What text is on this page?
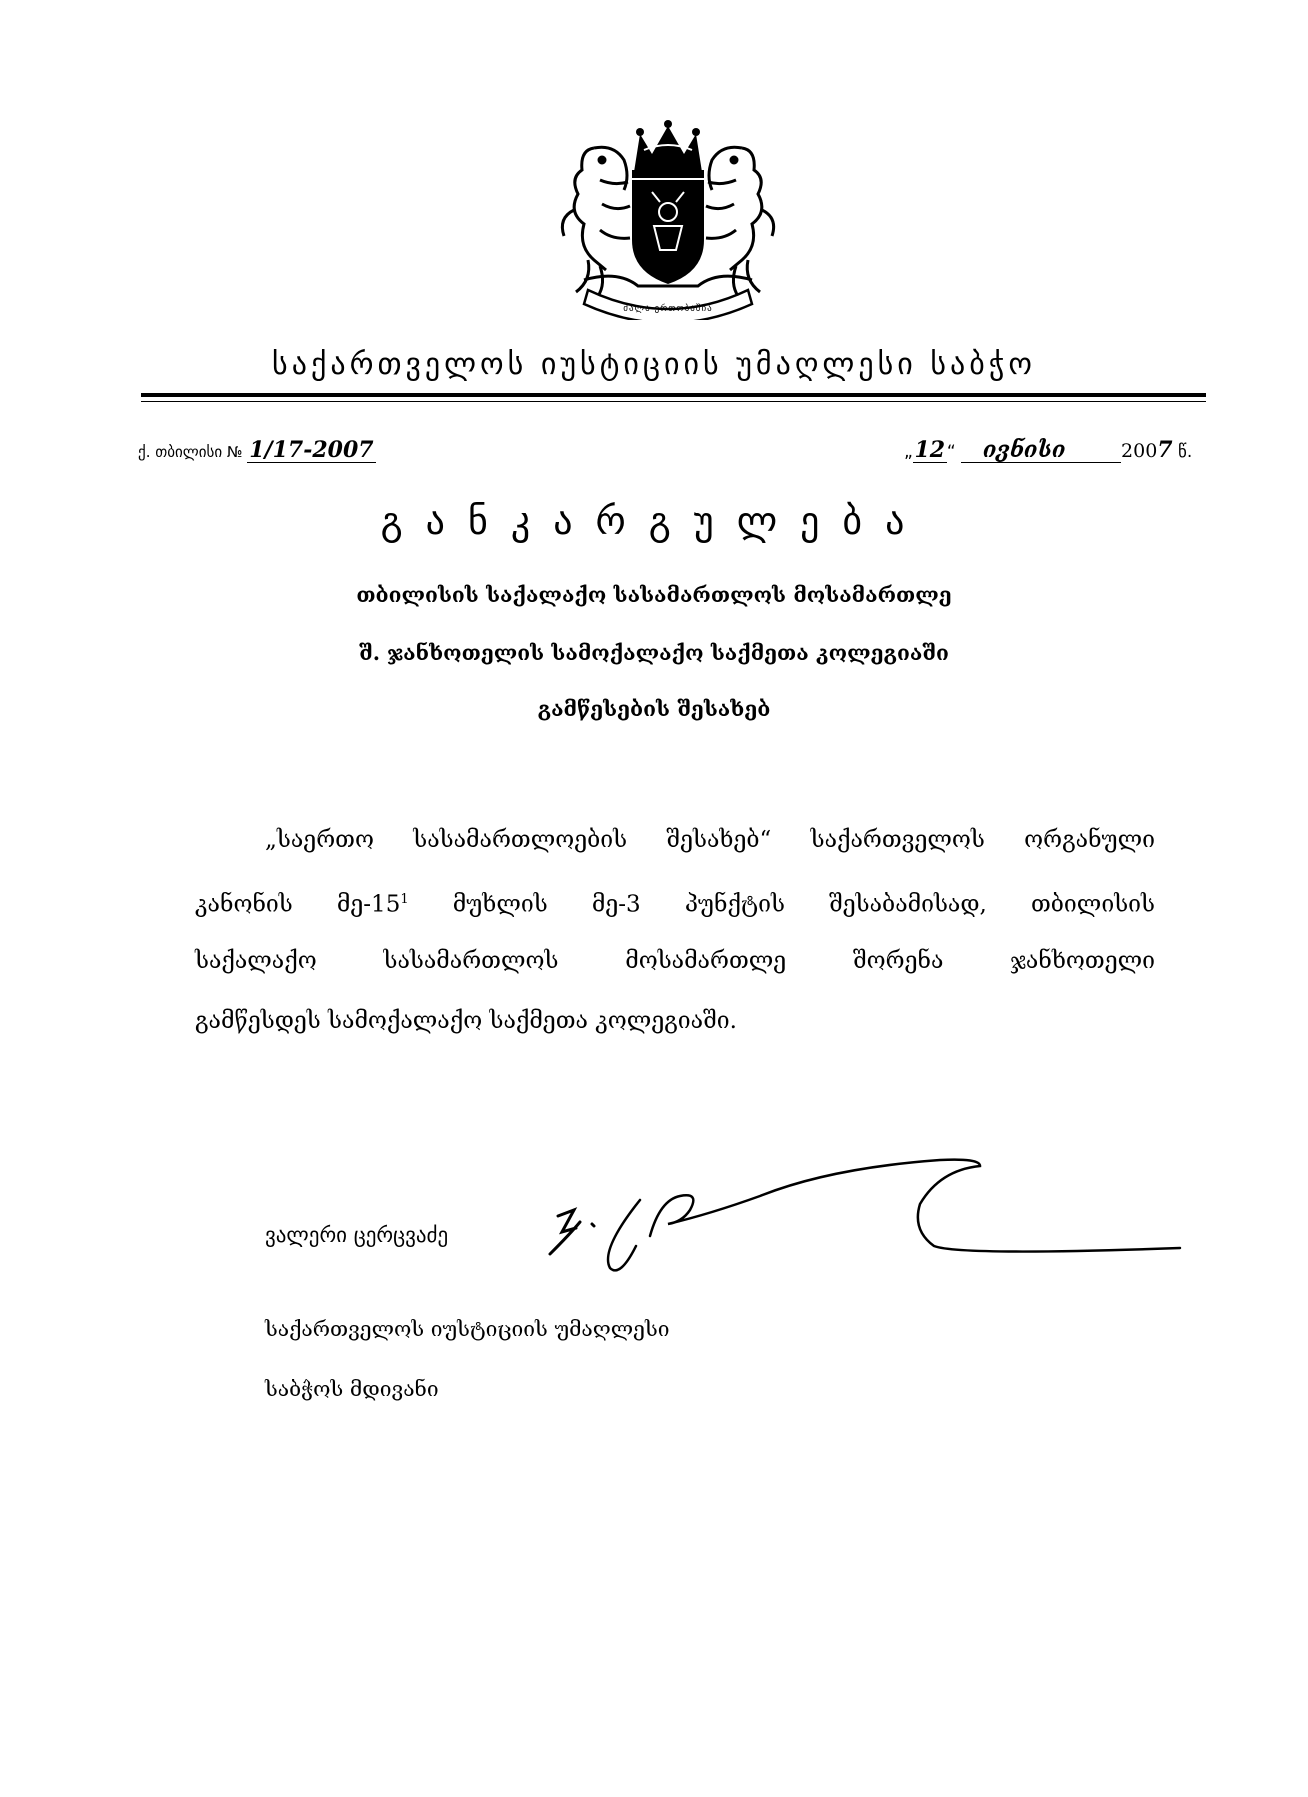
ძალა ერთობაშია
საქართველოს იუსტიციის უმაღლესი საბჭო
ქ. თბილისი № 1/17-2007	„12“ ივნისი	2007 წ.
განკარგულება
თბილისის საქალაქო სასამართლოს მოსამართლე
შ. ჯანხოთელის სამოქალაქო საქმეთა კოლეგიაში
გამწესების შესახებ
„საერთო სასამართლოების შესახებ“ საქართველოს ორგანული
კანონის $მე-15^1$ მუხლის მე-3 პუნქტის შესაბამისად, თბილისის
საქალაქო სასამართლოს მოსამართლე შორენა ჯანხოთელი
გამწესდეს სამოქალაქო საქმეთა კოლეგიაში.
ვალერი ცერცვაძე
საქართველოს იუსტიციის უმაღლესი
საბჭოს მდივანი
